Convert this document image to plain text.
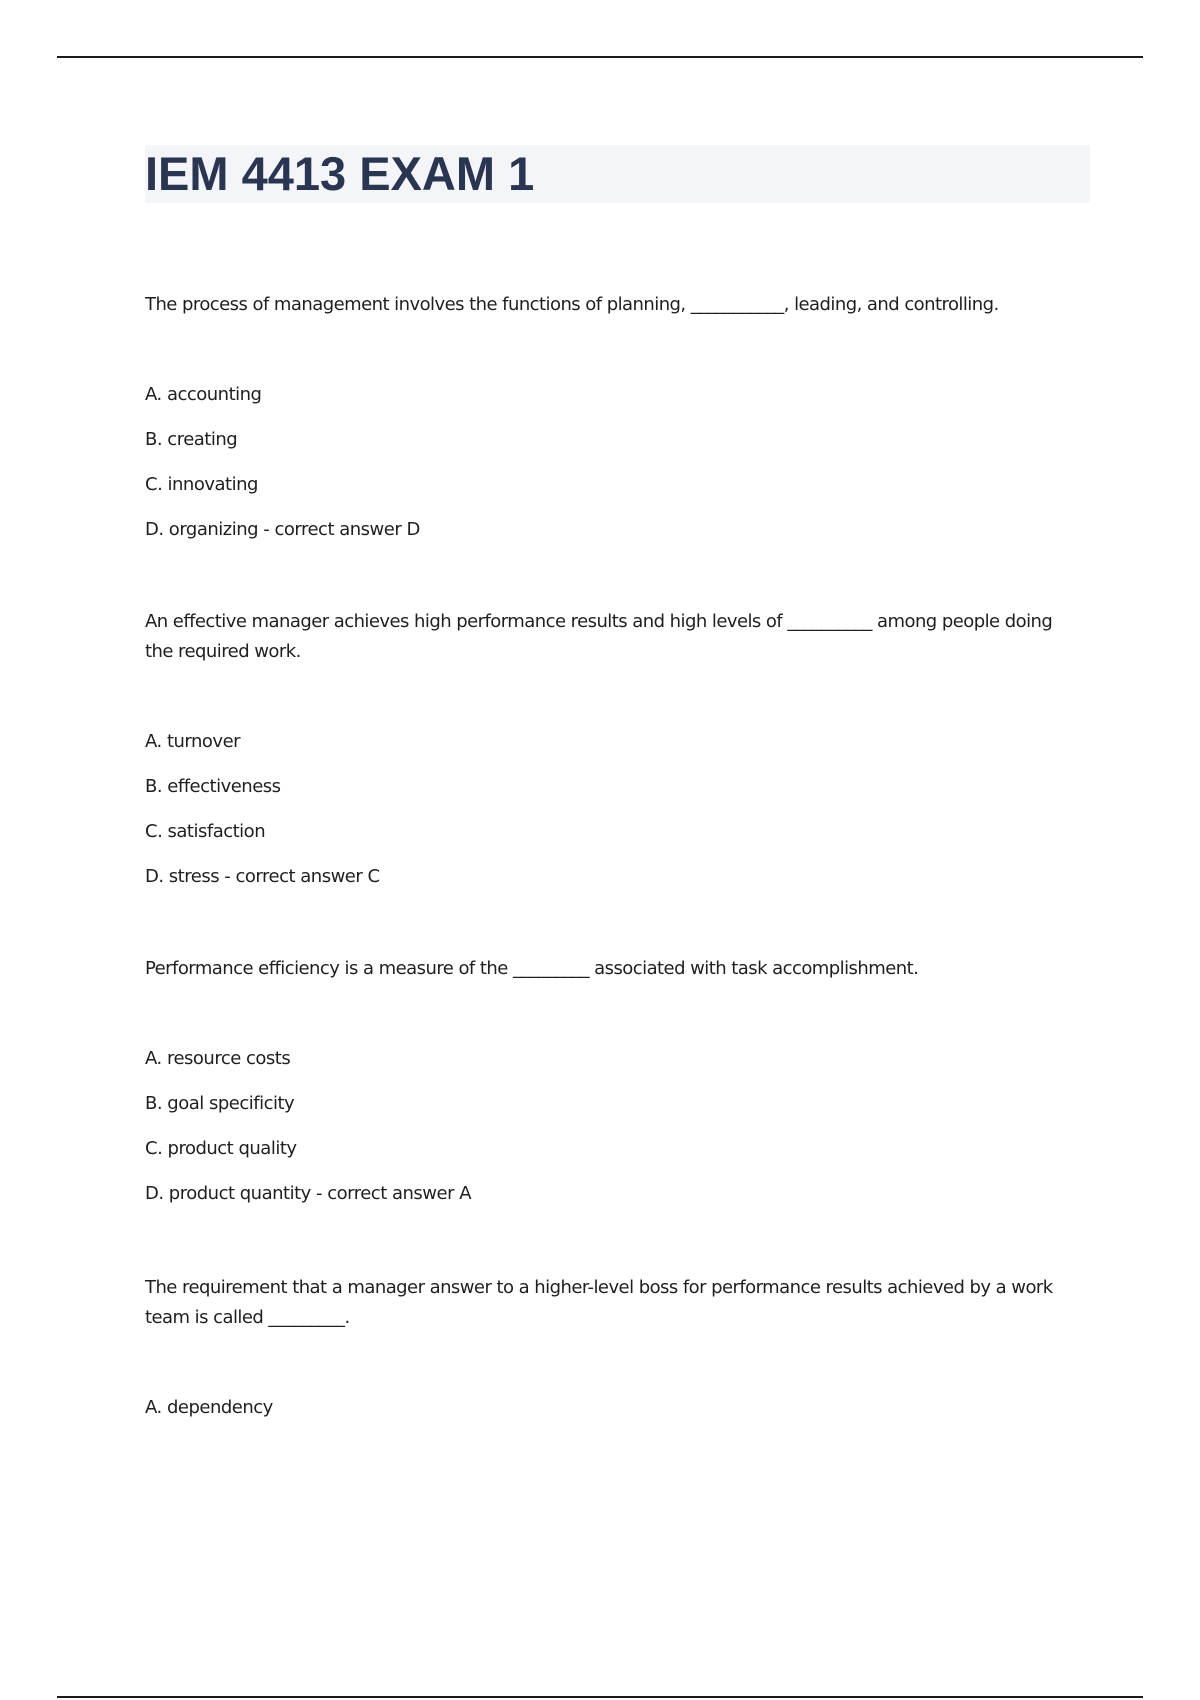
IEM 4413 EXAM 1

The process of management involves the functions of planning, ___________, leading, and controlling.

A. accounting
B. creating
C. innovating
D. organizing - correct answer D

An effective manager achieves high performance results and high levels of __________ among people doing the required work.

A. turnover
B. effectiveness
C. satisfaction
D. stress - correct answer C

Performance efficiency is a measure of the _________ associated with task accomplishment.

A. resource costs
B. goal specificity
C. product quality
D. product quantity - correct answer A

The requirement that a manager answer to a higher-level boss for performance results achieved by a work team is called _________.

A. dependency
